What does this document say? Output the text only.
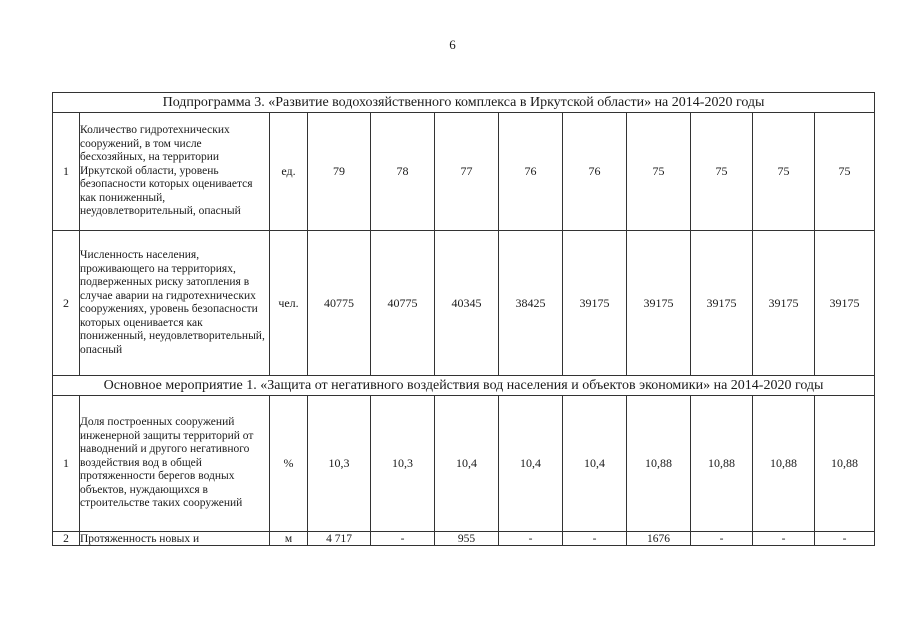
6
Подпрограмма 3. «Развитие водохозяйственного комплекса в Иркутской области» на 2014-2020 годы											
1	Количество гидротехнических сооружений, в том числе бесхозяйных, на территории Иркутской области, уровень безопасности которых оценивается как пониженный, неудовлетворительный, опасный	ед.	79	78	77	76	76	75	75	75	75
2	Численность населения, проживающего на территориях, подверженных риску затопления в случае аварии на гидротехнических сооружениях, уровень безопасности которых оценивается как пониженный, неудовлетворительный, опасный	чел.	40775	40775	40345	38425	39175	39175	39175	39175	39175
Основное мероприятие 1. «Защита от негативного воздействия вод населения и объектов экономики» на 2014-2020 годы											
1	Доля построенных сооружений инженерной защиты территорий от наводнений и другого негативного воздействия вод в общей протяженности берегов водных объектов, нуждающихся в строительстве таких сооружений	%	10,3	10,3	10,4	10,4	10,4	10,88	10,88	10,88	10,88
2	Протяженность новых и	м	4 717	-	955	-	-	1676	-	-	-
